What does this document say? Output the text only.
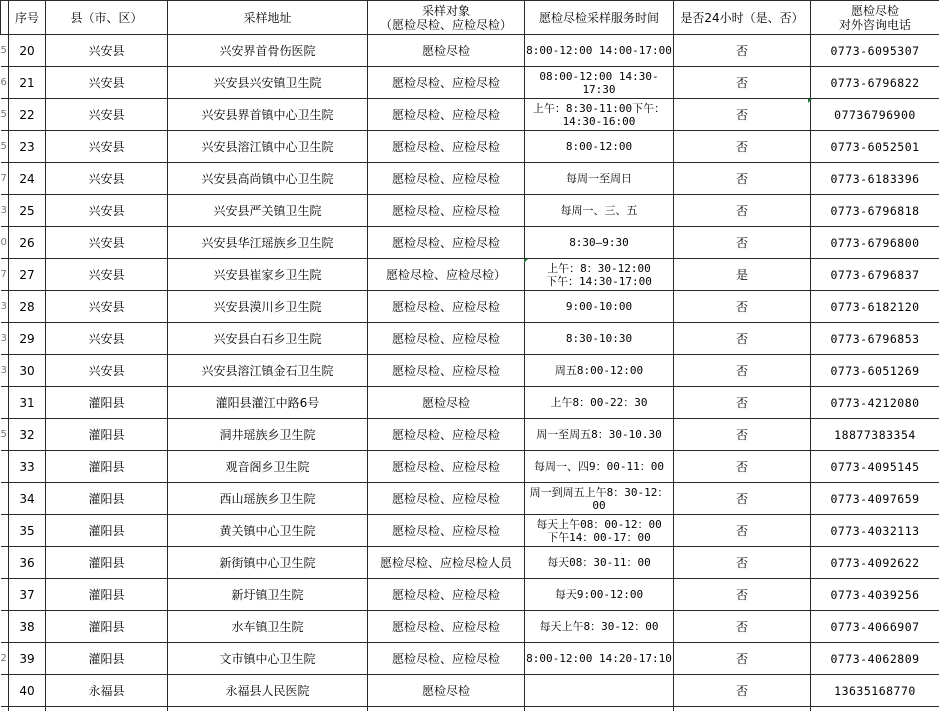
	序号	县（市、区）	采样地址	采样对象
（愿检尽检、应检尽检）	愿检尽检采样服务时间	是否24小时（是、否）	愿检尽检
对外咨询电话
5	20	兴安县	兴安界首骨伤医院	愿检尽检	8:00-12:00 14:00-17:00	否	0773-6095307
6	21	兴安县	兴安县兴安镇卫生院	愿检尽检、应检尽检	08:00-12:00 14:30-17:30	否	0773-6796822
5	22	兴安县	兴安县界首镇中心卫生院	愿检尽检、应检尽检	上午：8:30-11:00下午：14:30-16:00	否	07736796900
5	23	兴安县	兴安县溶江镇中心卫生院	愿检尽检、应检尽检	8:00-12:00	否	0773-6052501
7	24	兴安县	兴安县高尚镇中心卫生院	愿检尽检、应检尽检	每周一至周日	否	0773-6183396
3	25	兴安县	兴安县严关镇卫生院	愿检尽检、应检尽检	每周一、三、五	否	0773-6796818
0	26	兴安县	兴安县华江瑶族乡卫生院	愿检尽检、应检尽检	8:30—9:30	否	0773-6796800
7	27	兴安县	兴安县崔家乡卫生院	愿检尽检、应检尽检）	上午：8：30-12:00
下午：14:30-17:00	是	0773-6796837
3	28	兴安县	兴安县漠川乡卫生院	愿检尽检、应检尽检	9:00-10:00	否	0773-6182120
3	29	兴安县	兴安县白石乡卫生院	愿检尽检、应检尽检	8:30-10:30	否	0773-6796853
3	30	兴安县	兴安县溶江镇金石卫生院	愿检尽检、应检尽检	周五8:00-12:00	否	0773-6051269
	31	灌阳县	灌阳县灌江中路6号	愿检尽检	上午8：00-22：30	否	0773-4212080
5	32	灌阳县	洞井瑶族乡卫生院	愿检尽检、应检尽检	周一至周五8：30-10.30	否	18877383354
	33	灌阳县	观音阁乡卫生院	愿检尽检、应检尽检	每周一、四9：00-11：00	否	0773-4095145
	34	灌阳县	西山瑶族乡卫生院	愿检尽检、应检尽检	周一到周五上午8：30-12：00	否	0773-4097659
	35	灌阳县	黄关镇中心卫生院	愿检尽检、应检尽检	每天上午08：00-12：00
下午14：00-17：00	否	0773-4032113
	36	灌阳县	新街镇中心卫生院	愿检尽检、应检尽检人员	每天08：30-11：00	否	0773-4092622
	37	灌阳县	新圩镇卫生院	愿检尽检、应检尽检	每天9:00-12:00	否	0773-4039256
	38	灌阳县	水车镇卫生院	愿检尽检、应检尽检	每天上午8：30-12：00	否	0773-4066907
2	39	灌阳县	文市镇中心卫生院	愿检尽检、应检尽检	8:00-12:00 14:20-17:10	否	0773-4062809
	40	永福县	永福县人民医院	愿检尽检		否	13635168770
